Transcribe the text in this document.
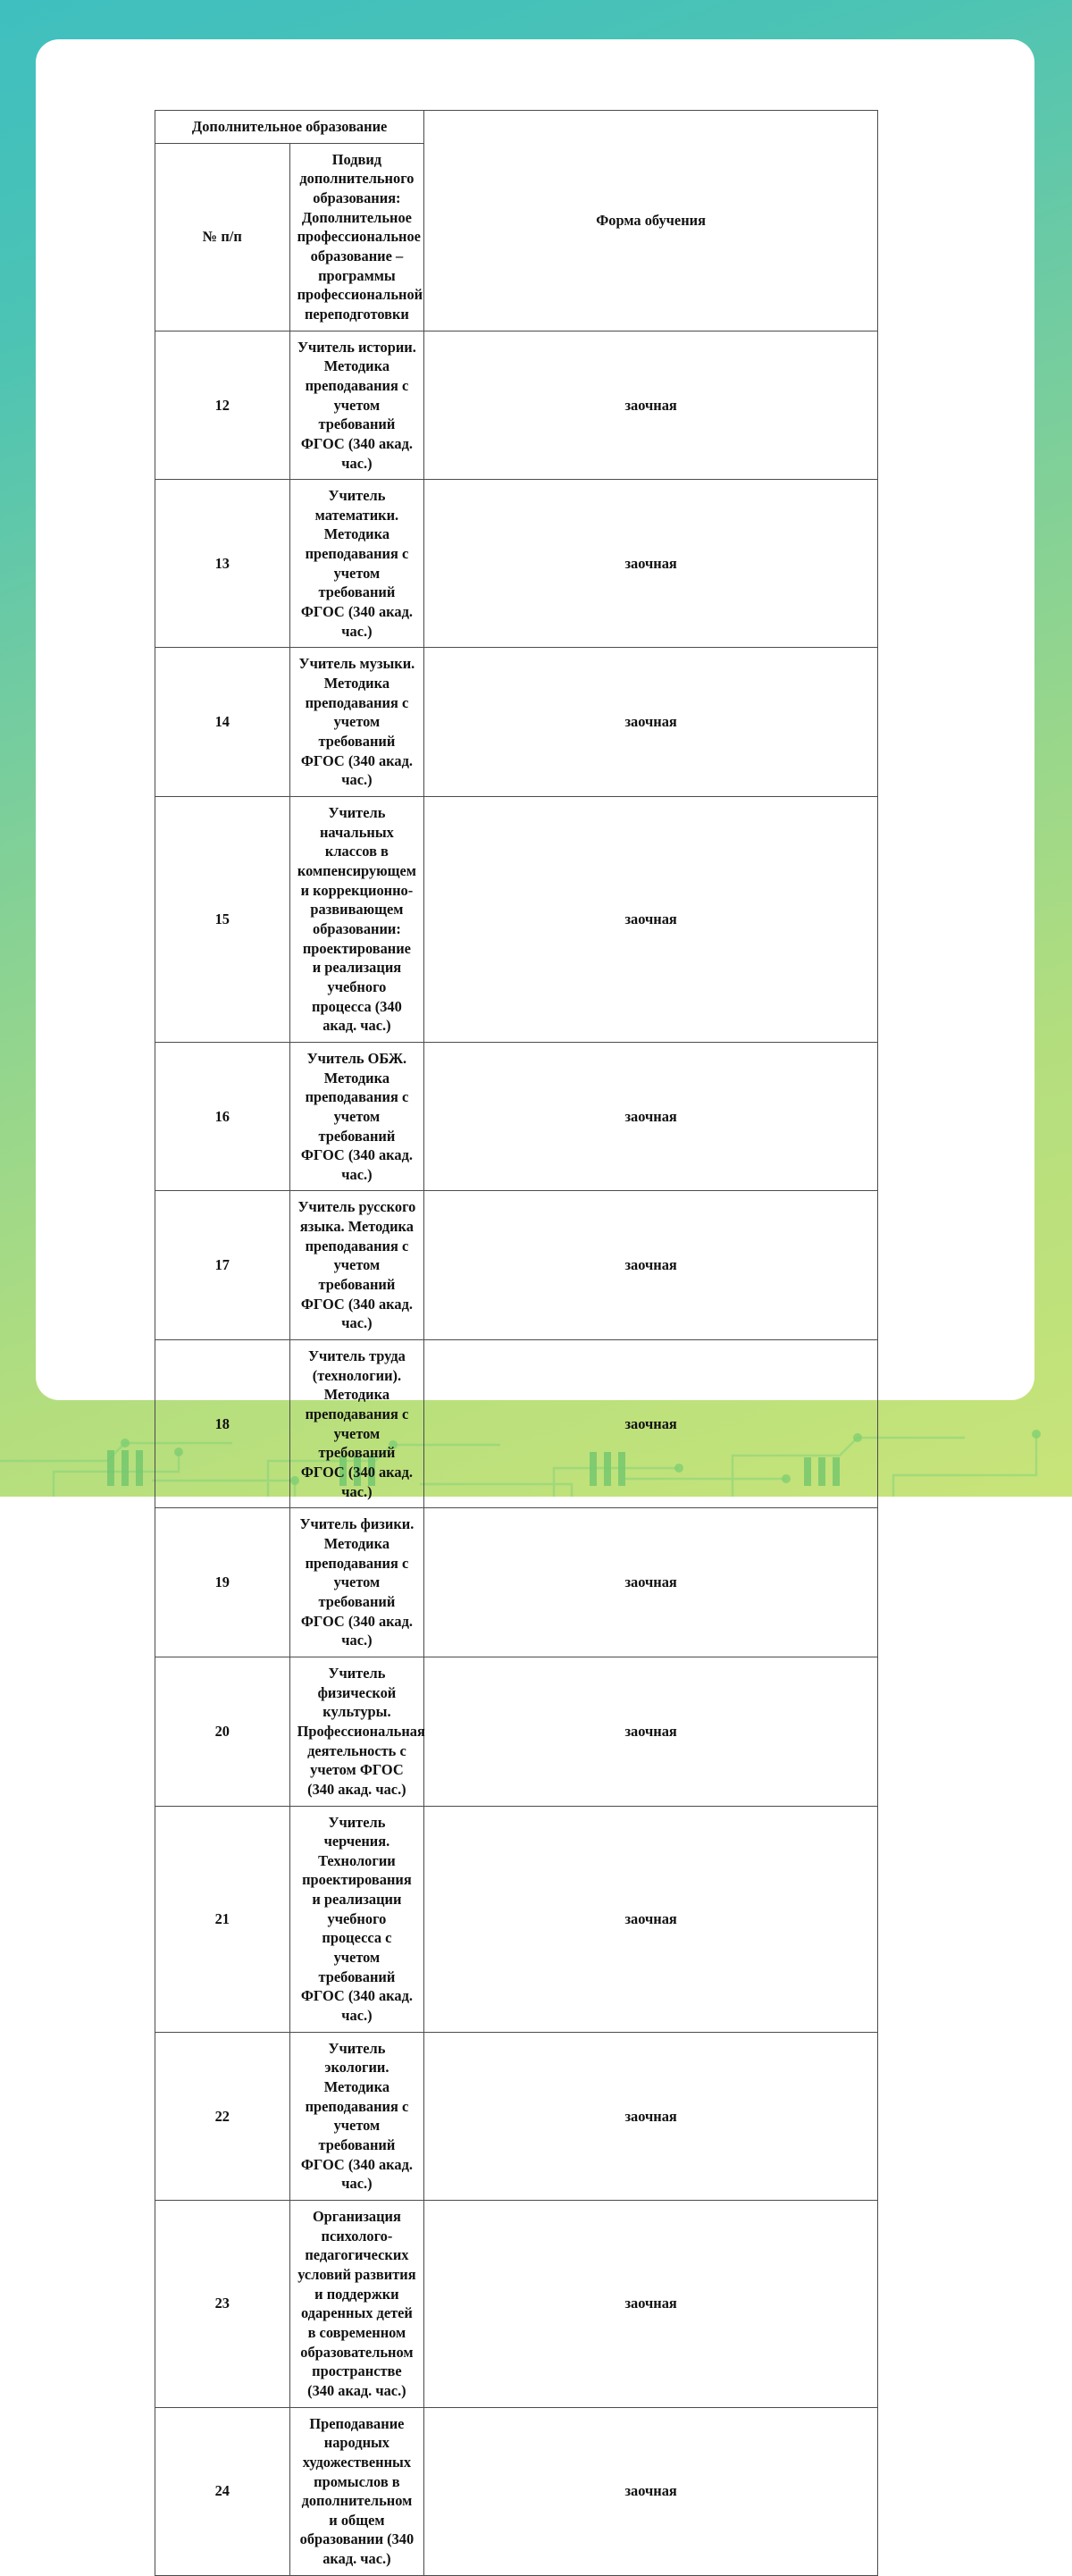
Дополнительное образование		Форма обучения
№ п/п	Подвид дополнительного образования: Дополнительное профессиональное образование – программы профессиональной переподготовки	
12	Учитель истории. Методика преподавания с учетом требований ФГОС (340 акад. час.)	заочная
13	Учитель математики. Методика преподавания с учетом требований ФГОС (340 акад. час.)	заочная
14	Учитель музыки. Методика преподавания с учетом требований ФГОС (340 акад. час.)	заочная
15	Учитель начальных классов в компенсирующем и коррекционно-развивающем образовании: проектирование и реализация учебного процесса (340 акад. час.)	заочная
16	Учитель ОБЖ. Методика преподавания с учетом требований ФГОС (340 акад. час.)	заочная
17	Учитель русского языка. Методика преподавания с учетом требований ФГОС (340 акад. час.)	заочная
18	Учитель труда (технологии). Методика преподавания с учетом требований ФГОС (340 акад. час.)	заочная
19	Учитель физики. Методика преподавания с учетом требований ФГОС (340 акад. час.)	заочная
20	Учитель физической культуры. Профессиональная деятельность с учетом ФГОС (340 акад. час.)	заочная
21	Учитель черчения. Технологии проектирования и реализации учебного процесса с учетом требований ФГОС (340 акад. час.)	заочная
22	Учитель экологии. Методика преподавания с учетом требований ФГОС (340 акад. час.)	заочная
23	Организация психолого-педагогических условий развития и поддержки одаренных детей в современном образовательном пространстве (340 акад. час.)	заочная
24	Преподавание народных художественных промыслов в дополнительном и общем образовании (340 акад. час.)	заочная
